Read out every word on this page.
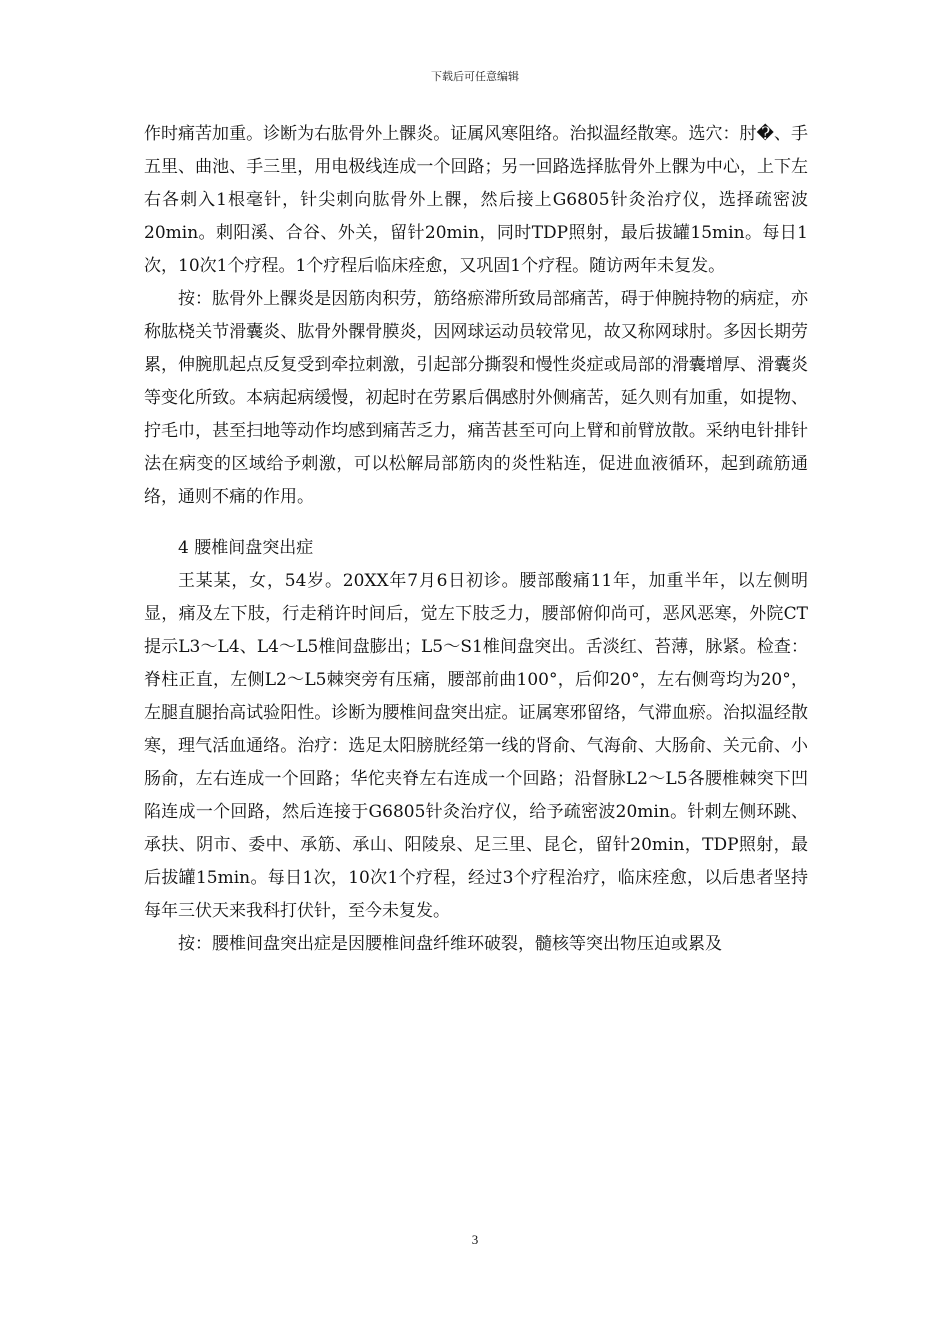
下载后可任意编辑

作时痛苦加重。诊断为右肱骨外上髁炎。证属风寒阻络。治拟温经散寒。选穴：肘�、手五里、曲池、手三里，用电极线连成一个回路；另一回路选择肱骨外上髁为中心，上下左右各刺入1根毫针，针尖刺向肱骨外上髁，然后接上G6805针灸治疗仪，选择疏密波20min。刺阳溪、合谷、外关，留针20min，同时TDP照射，最后拔罐15min。每日1次，10次1个疗程。1个疗程后临床痊愈，又巩固1个疗程。随访两年未复发。

按：肱骨外上髁炎是因筋肉积劳，筋络瘀滞所致局部痛苦，碍于伸腕持物的病症，亦称肱桡关节滑囊炎、肱骨外髁骨膜炎，因网球运动员较常见，故又称网球肘。多因长期劳累，伸腕肌起点反复受到牵拉刺激，引起部分撕裂和慢性炎症或局部的滑囊增厚、滑囊炎等变化所致。本病起病缓慢，初起时在劳累后偶感肘外侧痛苦，延久则有加重，如提物、拧毛巾，甚至扫地等动作均感到痛苦乏力，痛苦甚至可向上臂和前臂放散。采纳电针排针法在病变的区域给予刺激，可以松解局部筋肉的炎性粘连，促进血液循环，起到疏筋通络，通则不痛的作用。

4 腰椎间盘突出症

王某某，女，54岁。20XX年7月6日初诊。腰部酸痛11年，加重半年，以左侧明显，痛及左下肢，行走稍许时间后，觉左下肢乏力，腰部俯仰尚可，恶风恶寒，外院CT提示L3～L4、L4～L5椎间盘膨出；L5～S1椎间盘突出。舌淡红、苔薄，脉紧。检查：脊柱正直，左侧L2～L5棘突旁有压痛，腰部前曲100°，后仰20°，左右侧弯均为20°，左腿直腿抬高试验阳性。诊断为腰椎间盘突出症。证属寒邪留络，气滞血瘀。治拟温经散寒，理气活血通络。治疗：选足太阳膀胱经第一线的肾俞、气海俞、大肠俞、关元俞、小肠俞，左右连成一个回路；华佗夹脊左右连成一个回路；沿督脉L2～L5各腰椎棘突下凹陷连成一个回路，然后连接于G6805针灸治疗仪，给予疏密波20min。针刺左侧环跳、承扶、阴市、委中、承筋、承山、阳陵泉、足三里、昆仑，留针20min，TDP照射，最后拔罐15min。每日1次，10次1个疗程，经过3个疗程治疗，临床痊愈，以后患者坚持每年三伏天来我科打伏针，至今未复发。

按：腰椎间盘突出症是因腰椎间盘纤维环破裂，髓核等突出物压迫或累及

3
